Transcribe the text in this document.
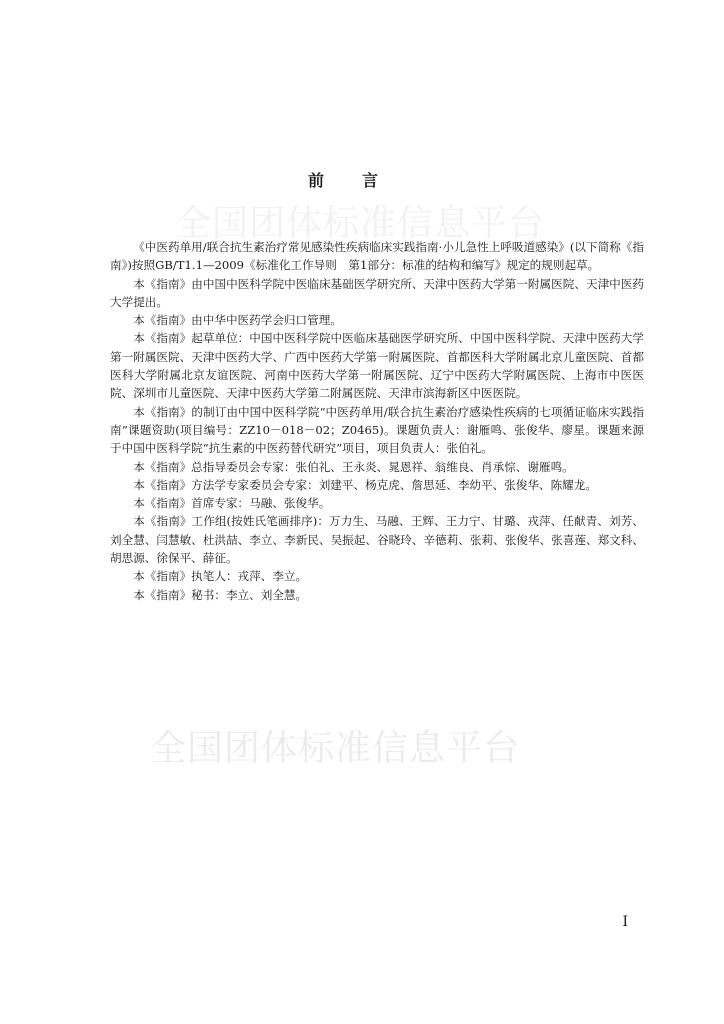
全国团体标准信息平台
前言

《中医药单用/联合抗生素治疗常见感染性疾病临床实践指南·小儿急性上呼吸道感染》(以下简称《指南》)按照GB/T1.1—2009《标准化工作导则　第1部分：标准的结构和编写》规定的规则起草。

本《指南》由中国中医科学院中医临床基础医学研究所、天津中医药大学第一附属医院、天津中医药大学提出。

本《指南》由中华中医药学会归口管理。

本《指南》起草单位：中国中医科学院中医临床基础医学研究所、中国中医科学院、天津中医药大学第一附属医院、天津中医药大学、广西中医药大学第一附属医院、首都医科大学附属北京儿童医院、首都医科大学附属北京友谊医院、河南中医药大学第一附属医院、辽宁中医药大学附属医院、上海市中医医院、深圳市儿童医院、天津中医药大学第二附属医院、天津市滨海新区中医医院。

本《指南》的制订由中国中医科学院“中医药单用/联合抗生素治疗感染性疾病的七项循证临床实践指南”课题资助(项目编号：ZZ10－018－02；Z0465)。课题负责人：谢雁鸣、张俊华、廖星。课题来源于中国中医科学院“抗生素的中医药替代研究”项目，项目负责人：张伯礼。

本《指南》总指导委员会专家：张伯礼、王永炎、晁恩祥、翁维良、肖承悰、谢雁鸣。

本《指南》方法学专家委员会专家：刘建平、杨克虎、詹思延、李幼平、张俊华、陈耀龙。

本《指南》首席专家：马融、张俊华。

本《指南》工作组(按姓氏笔画排序)：万力生、马融、王辉、王力宁、甘璐、戎萍、任献青、刘芳、刘全慧、闫慧敏、杜洪喆、李立、李新民、吴振起、谷晓玲、辛德莉、张莉、张俊华、张喜莲、郑文科、胡思源、徐保平、薛征。

本《指南》执笔人：戎萍、李立。

本《指南》秘书：李立、刘全慧。

全国团体标准信息平台
I
